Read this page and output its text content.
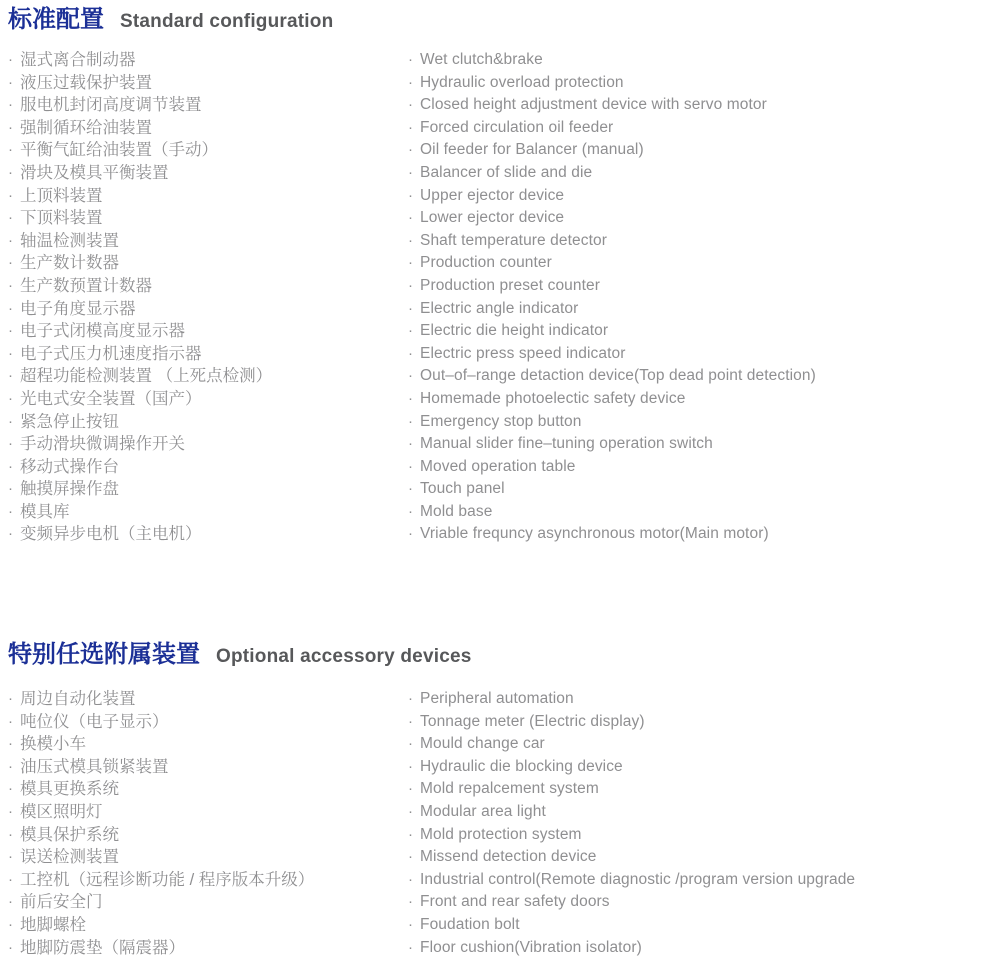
标准配置 Standard configuration
· 湿式离合制动器
· 液压过载保护装置
· 服电机封闭高度调节装置
· 强制循环给油装置
· 平衡气缸给油装置（手动）
· 滑块及模具平衡装置
· 上顶料装置
· 下顶料装置
· 轴温检测装置
· 生产数计数器
· 生产数预置计数器
· 电子角度显示器
· 电子式闭模高度显示器
· 电子式压力机速度指示器
· 超程功能检测装置 （上死点检测）
· 光电式安全装置（国产）
· 紧急停止按钮
· 手动滑块微调操作开关
· 移动式操作台
· 触摸屏操作盘
· 模具库
· 变频异步电机（主电机）
· Wet clutch&brake
· Hydraulic overload protection
· Closed height adjustment device with servo motor
· Forced circulation oil feeder
· Oil feeder for Balancer (manual)
· Balancer of slide and die
· Upper ejector device
· Lower ejector device
· Shaft temperature detector
· Production counter
· Production preset counter
· Electric angle indicator
· Electric die height indicator
· Electric press speed indicator
· Out–of–range detaction device(Top dead point detection)
· Homemade photoelectic safety device
· Emergency stop button
· Manual slider fine–tuning operation switch
· Moved operation table
· Touch panel
· Mold base
· Vriable frequncy asynchronous motor(Main motor)
特别任选附属装置 Optional accessory devices
· 周边自动化装置
· 吨位仪（电子显示）
· 换模小车
· 油压式模具锁紧装置
· 模具更换系统
· 模区照明灯
· 模具保护系统
· 误送检测装置
· 工控机（远程诊断功能 / 程序版本升级）
· 前后安全门
· 地脚螺栓
· 地脚防震垫（隔震器）
· Peripheral automation
· Tonnage meter (Electric display)
· Mould change car
· Hydraulic die blocking device
· Mold repalcement system
· Modular area light
· Mold protection system
· Missend detection device
· Industrial control(Remote diagnostic /program version upgrade
· Front and rear safety doors
· Foudation bolt
· Floor cushion(Vibration isolator)
